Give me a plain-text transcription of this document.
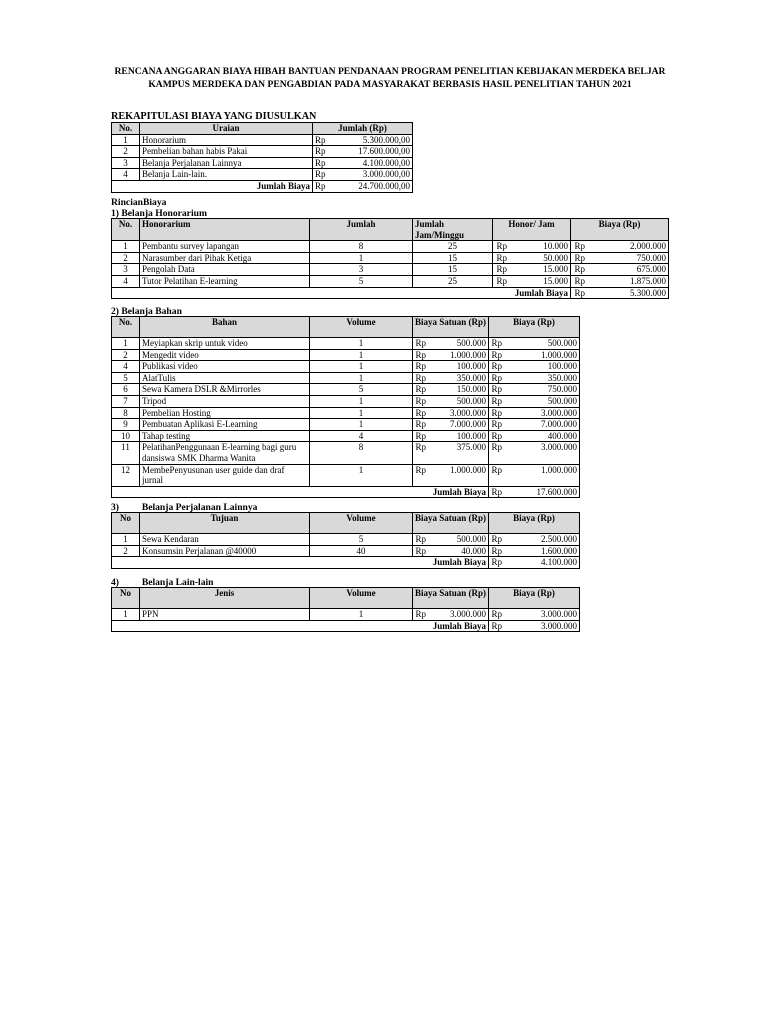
RENCANA ANGGARAN BIAYA HIBAH BANTUAN PENDANAAN PROGRAM PENELITIAN KEBIJAKAN MERDEKA BELJAR KAMPUS MERDEKA DAN PENGABDIAN PADA MASYARAKAT BERBASIS HASIL PENELITIAN TAHUN 2021
REKAPITULASI BIAYA YANG DIUSULKAN
No.	Uraian	Jumlah (Rp)
1	Honorarium	Rp 5.300.000,00

2	Pembelian bahan habis Pakai	Rp 17.600.000,00

3	Belanja Perjalanan Lainnya	Rp 4.100.000,00

4	Belanja Lain-lain.	Rp 3.000.000,00

Jumlah Biaya		Rp 24.700.000,00
RincianBiaya
1) Belanja Honorarium
No.	Honorarium	Jumlah	Jumlah Jam/Minggu	Honor/ Jam		Biaya (Rp)	
1	Pembantu survey lapangan	8	25	Rp	10.000	Rp	2.000.000
2	Narasumber dari Pihak Ketiga	1	15	Rp	50.000	Rp	750.000
3	Pengolah Data	3	15	Rp	15.000	Rp	675.000
4	Tutor Pelatihan E-learning	5	25	Rp	15.000	Rp	1.875.000
					Jumlah Biaya	Rp	5.300.000
2) Belanja Bahan
No.	Bahan	Volume	Biaya Satuan (Rp)		Biaya (Rp)	
1	Meyiapkan skrip untuk video	1	Rp	500.000	Rp	500.000
2	Mengedit video	1	Rp	1.000.000	Rp	1.000.000
4	Publikasi video	1	Rp	100.000	Rp	100.000
5	AlatTulis	1	Rp	350.000	Rp	350.000
6	Sewa Kamera DSLR &Mirrorles	5	Rp	150.000	Rp	750.000
7	Tripod	1	Rp	500.000	Rp	500.000
8	Pembelian Hosting	1	Rp	3.000.000	Rp	3.000.000
9	Pembuatan Aplikasi E-Learning	1	Rp	7.000.000	Rp	7.000.000
10	Tahap testing	4	Rp	100.000	Rp	400.000
11	PelatihanPenggunaan E-learning bagi guru dansiswa SMK Dharma Wanita	8	Rp	375.000	Rp	3.000.000
12	MembePenyusunan user guide dan draf jurnal	1	Rp	1.000.000	Rp	1.000.000
Jumlah Biaya					Rp	17.600.000
3) Belanja Perjalanan Lainnya
No	Tujuan	Volume	Biaya Satuan (Rp)		Biaya (Rp)	
1	Sewa Kendaran	5	Rp	500.000	Rp	2.500.000
2	Konsumsin Perjalanan @40000	40	Rp	40.000	Rp	1.600.000
Jumlah Biaya					Rp	4.100.000
4) Belanja Lain-lain
No	Jenis	Volume	Biaya Satuan (Rp)		Biaya (Rp)	
1	PPN	1	Rp	3.000.000	Rp	3.000.000
Jumlah Biaya					Rp	3.000.000
